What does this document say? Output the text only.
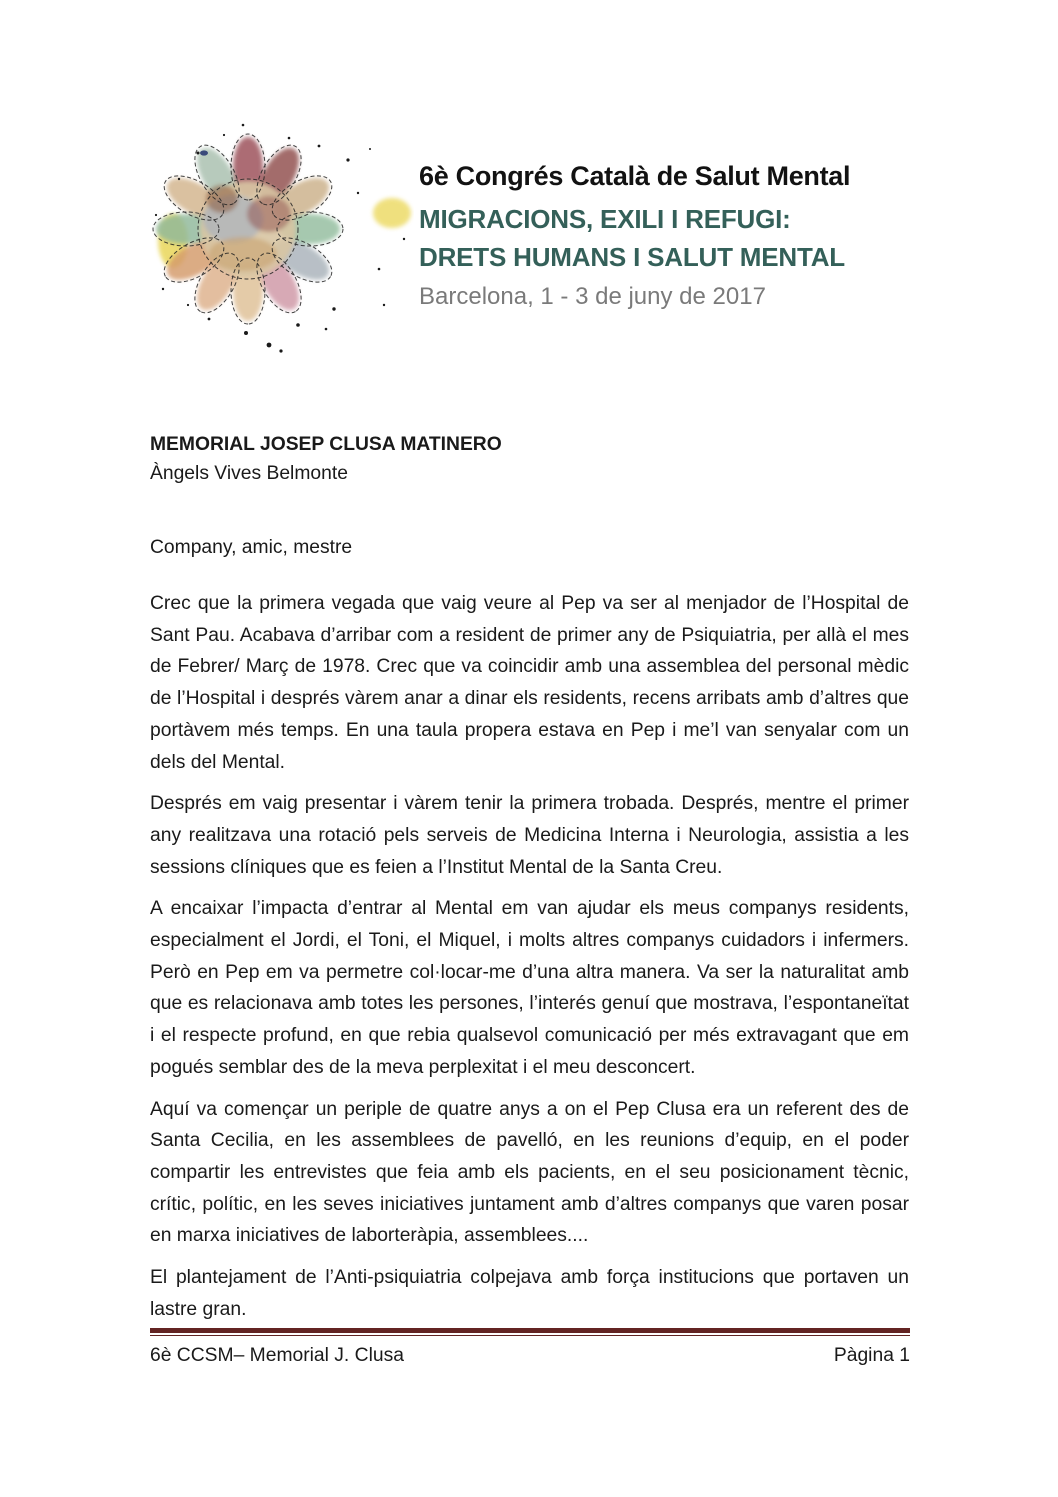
6è Congrés Català de Salut Mental
MIGRACIONS, EXILI I REFUGI:
DRETS HUMANS I SALUT MENTAL
Barcelona, 1 - 3 de juny de 2017
MEMORIAL JOSEP CLUSA MATINERO
Àngels Vives Belmonte

Company, amic, mestre

Crec que la primera vegada que vaig veure al Pep va ser al menjador de l’Hospital de Sant Pau. Acabava d’arribar com a resident de primer any de Psiquiatria, per allà el mes de Febrer/ Març de 1978. Crec que va coincidir amb una assemblea del personal mèdic de l’Hospital i després vàrem anar a dinar els residents, recens arribats amb d’altres que portàvem més temps. En una taula propera estava en Pep i me’l van senyalar com un dels del Mental.

Després em vaig presentar i vàrem tenir la primera trobada. Després, mentre el primer any realitzava una rotació pels serveis de Medicina Interna i Neurologia, assistia a les sessions clíniques que es feien a l’Institut Mental de la Santa Creu.

A encaixar l’impacta d’entrar al Mental em van ajudar els meus companys residents, especialment el Jordi, el Toni, el Miquel, i molts altres companys cuidadors i infermers. Però en Pep em va permetre col·locar-me d’una altra manera. Va ser la naturalitat amb que es relacionava amb totes les persones, l’interés genuí que mostrava, l’espontaneïtat i el respecte profund, en que rebia qualsevol comunicació per més extravagant que em pogués semblar des de la meva perplexitat i el meu desconcert.

Aquí va començar un periple de quatre anys a on el Pep Clusa era un referent des de Santa Cecilia, en les assemblees de pavelló, en les reunions d’equip, en el poder compartir les entrevistes que feia amb els pacients, en el seu posicionament tècnic, crític, polític, en les seves iniciatives juntament amb d’altres companys que varen posar en marxa iniciatives de laborteràpia, assemblees....

El plantejament de l’Anti-psiquiatria colpejava amb força institucions que portaven un lastre gran.

6è CCSM– Memorial J. Clusa	Pàgina 1
